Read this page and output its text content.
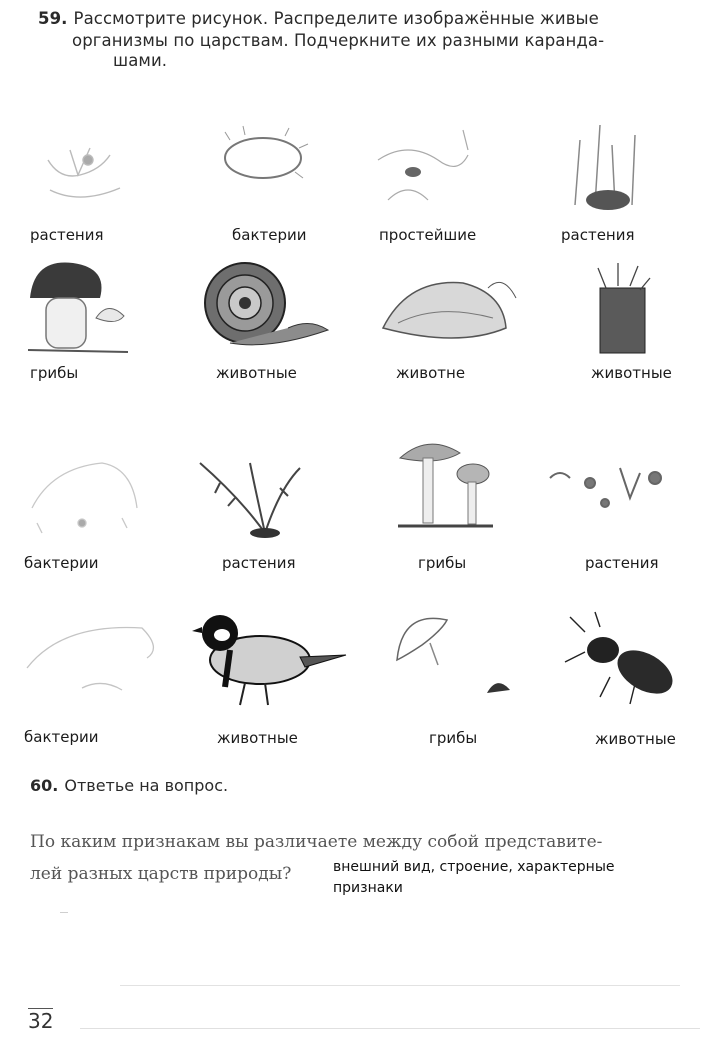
59. Рассмотрите рисунок. Распределите изображённые живые
организмы по царствам. Подчеркните их разными каранда-
шами.
растения	бактерии	простейшие	растения
грибы	животные	животне	животные
бактерии	растения	грибы	растения
бактерии	животные	грибы	животные
60. Ответье на вопрос.
По каким признакам вы различаете между собой представите-
лей разных царств природы?	внешний вид, строение, характерные
признаки
32
